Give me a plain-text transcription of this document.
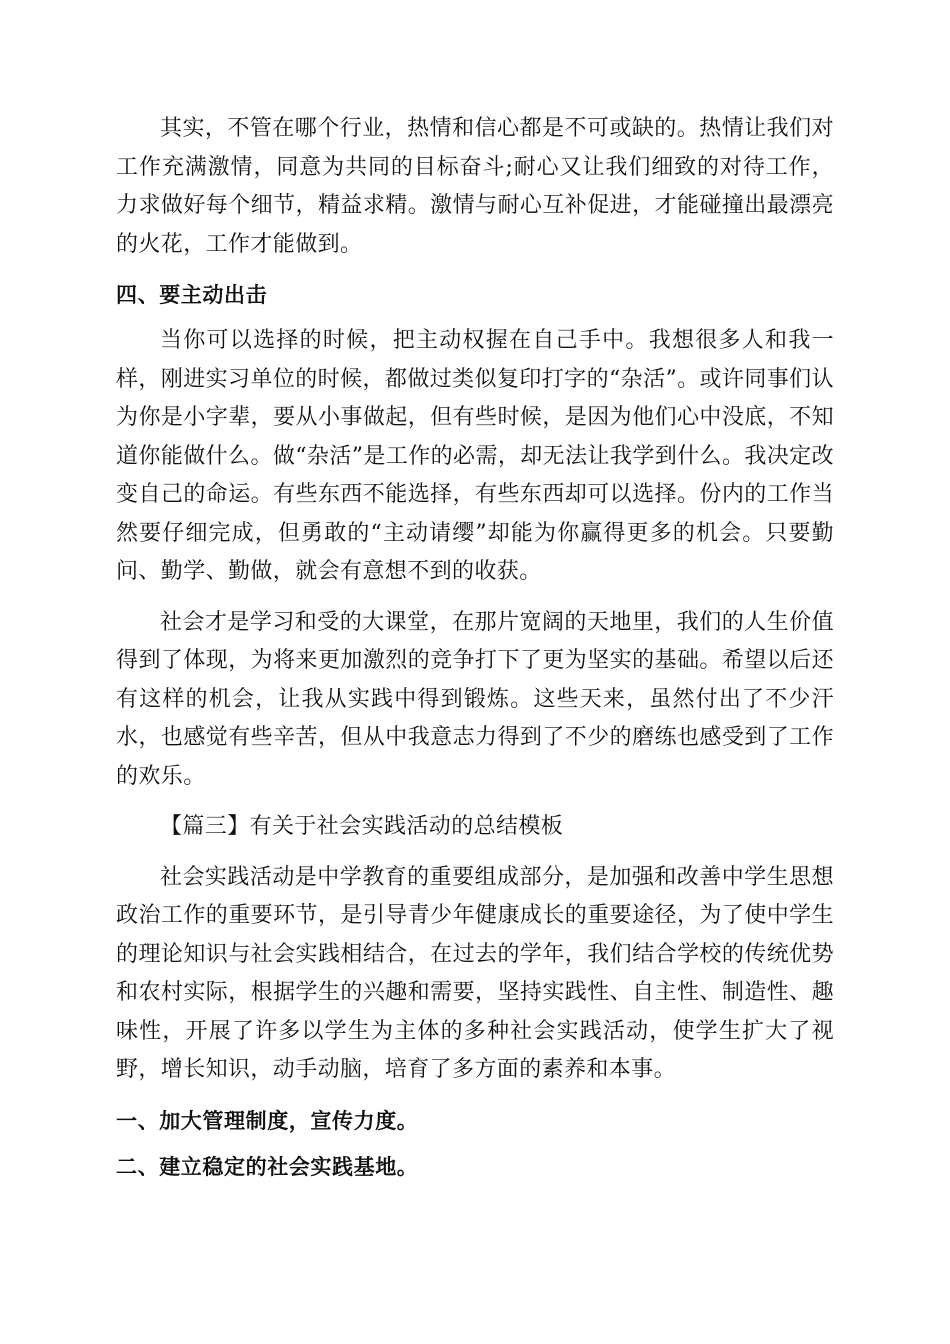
其实，不管在哪个行业，热情和信心都是不可或缺的。热情让我们对工作充满激情，同意为共同的目标奋斗;耐心又让我们细致的对待工作，力求做好每个细节，精益求精。激情与耐心互补促进，才能碰撞出最漂亮的火花，工作才能做到。

四、要主动出击

当你可以选择的时候，把主动权握在自己手中。我想很多人和我一样，刚进实习单位的时候，都做过类似复印打字的“杂活”。或许同事们认为你是小字辈，要从小事做起，但有些时候，是因为他们心中没底，不知道你能做什么。做“杂活”是工作的必需，却无法让我学到什么。我决定改变自己的命运。有些东西不能选择，有些东西却可以选择。份内的工作当然要仔细完成，但勇敢的“主动请缨”却能为你赢得更多的机会。只要勤问、勤学、勤做，就会有意想不到的收获。

社会才是学习和受的大课堂，在那片宽阔的天地里，我们的人生价值得到了体现，为将来更加激烈的竞争打下了更为坚实的基础。希望以后还有这样的机会，让我从实践中得到锻炼。这些天来，虽然付出了不少汗水，也感觉有些辛苦，但从中我意志力得到了不少的磨练也感受到了工作的欢乐。

【篇三】有关于社会实践活动的总结模板

社会实践活动是中学教育的重要组成部分，是加强和改善中学生思想政治工作的重要环节，是引导青少年健康成长的重要途径，为了使中学生的理论知识与社会实践相结合，在过去的学年，我们结合学校的传统优势和农村实际，根据学生的兴趣和需要，坚持实践性、自主性、制造性、趣味性，开展了许多以学生为主体的多种社会实践活动，使学生扩大了视野，增长知识，动手动脑，培育了多方面的素养和本事。

一、加大管理制度，宣传力度。

二、建立稳定的社会实践基地。
